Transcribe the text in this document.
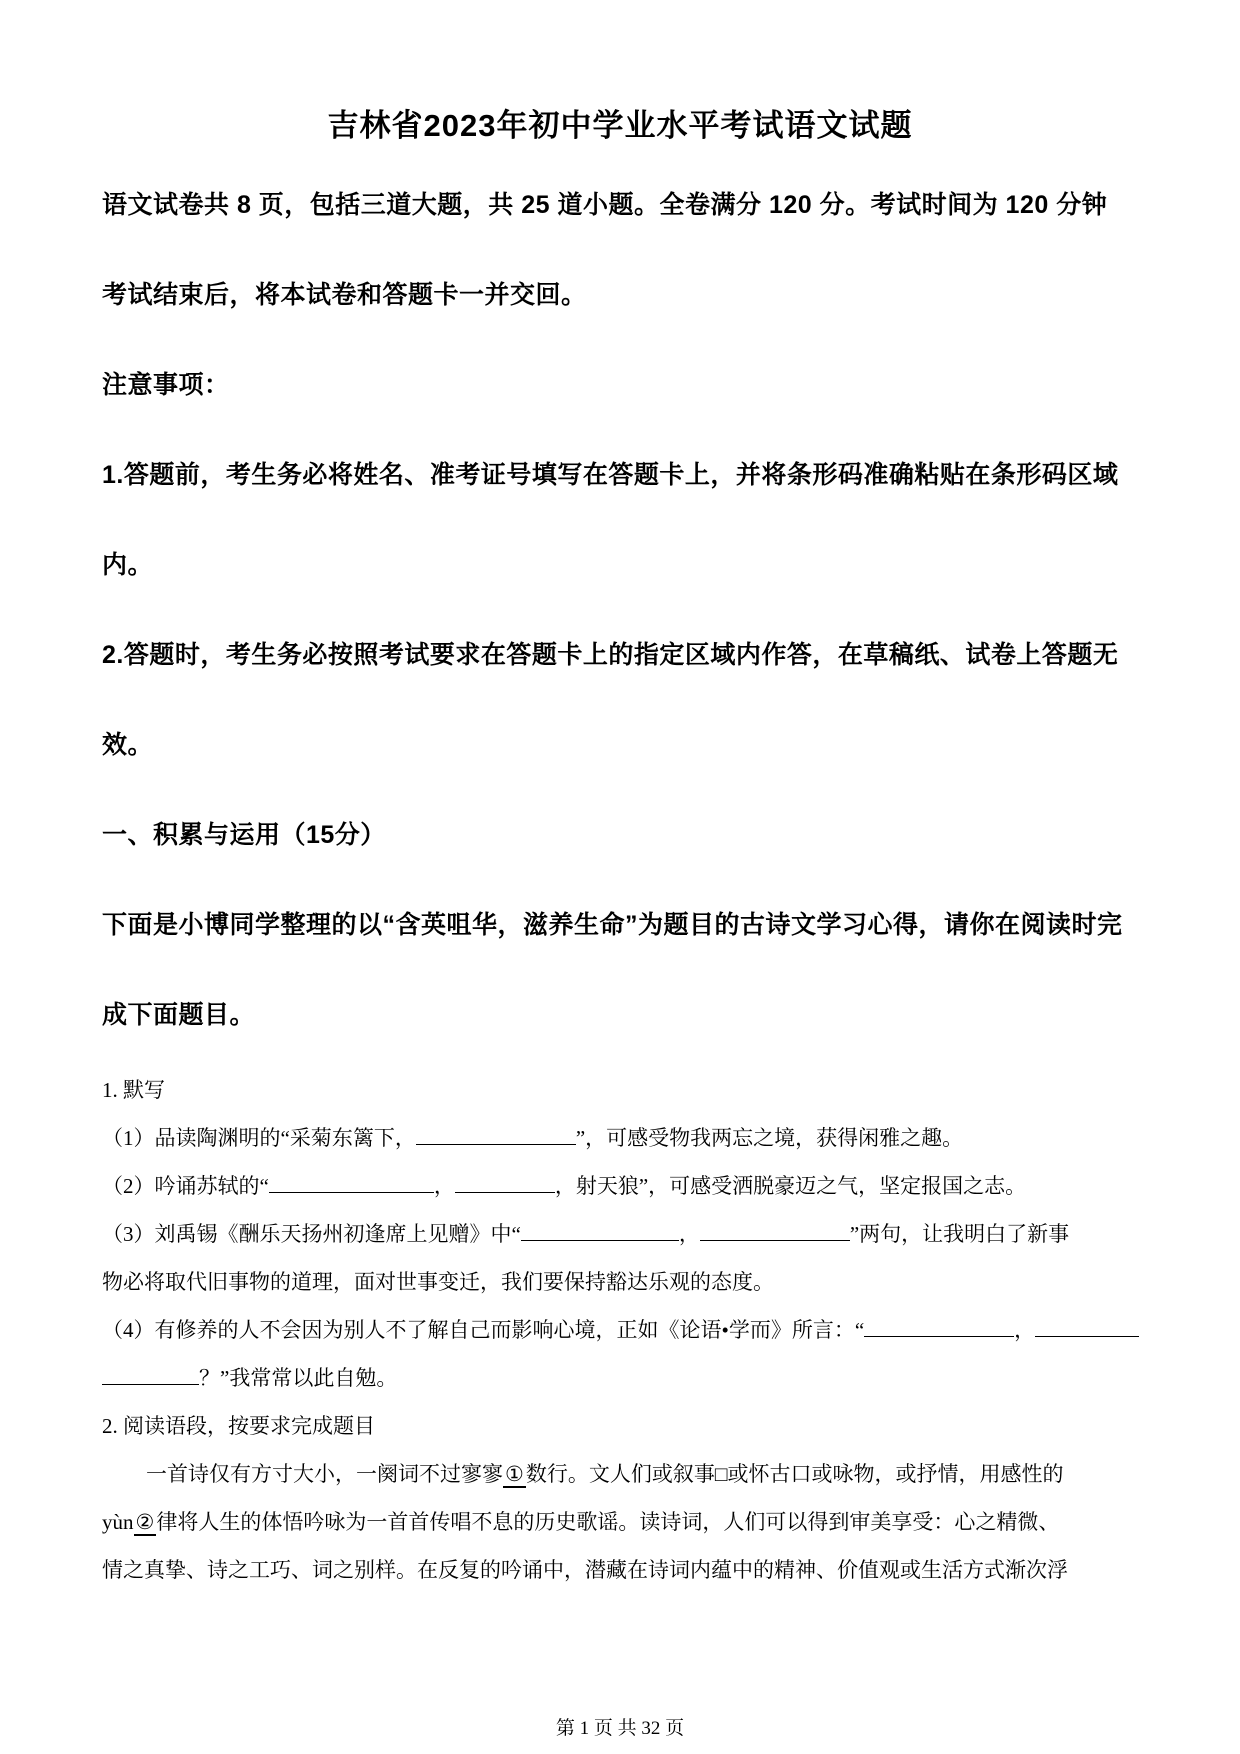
吉林省2023年初中学业水平考试语文试题
语文试卷共 8 页，包括三道大题，共 25 道小题。全卷满分 120 分。考试时间为 120 分钟
考试结束后，将本试卷和答题卡一并交回。
注意事项：
1.答题前，考生务必将姓名、准考证号填写在答题卡上，并将条形码准确粘贴在条形码区域
内。
2.答题时，考生务必按照考试要求在答题卡上的指定区域内作答，在草稿纸、试卷上答题无
效。
一、积累与运用（15分）
下面是小博同学整理的以“含英咀华，滋养生命”为题目的古诗文学习心得，请你在阅读时完
成下面题目。
1. 默写
（1）品读陶渊明的“采菊东篱下，	”，可感受物我两忘之境，获得闲雅之趣。
（2）吟诵苏轼的“	，	，射天狼”，可感受洒脱豪迈之气，坚定报国之志。
（3）刘禹锡《酬乐天扬州初逢席上见赠》中“	，	”两句，让我明白了新事
物必将取代旧事物的道理，面对世事变迁，我们要保持豁达乐观的态度。
（4）有修养的人不会因为别人不了解自己而影响心境，正如《论语•学而》所言：“	，
？”我常常以此自勉。
2. 阅读语段，按要求完成题目
一首诗仅有方寸大小，一阕词不过寥寥①数行。文人们或叙事□或怀古口或咏物，或抒情，用感性的
yùn②律将人生的体悟吟咏为一首首传唱不息的历史歌谣。读诗词，人们可以得到审美享受：心之精微、
情之真挚、诗之工巧、词之别样。在反复的吟诵中，潜藏在诗词内蕴中的精神、价值观或生活方式渐次浮
第 1 页 共 32 页
